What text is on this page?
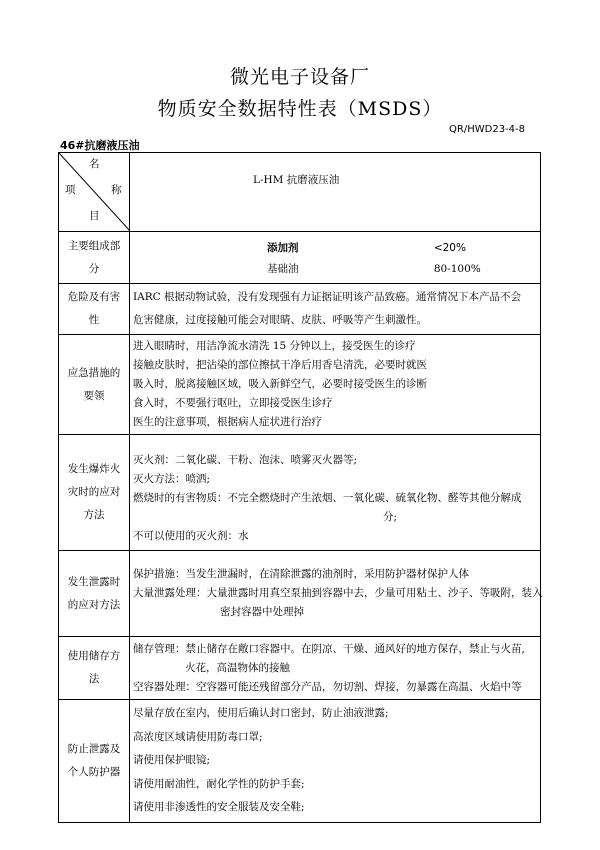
微光电子设备厂
物质安全数据特性表（MSDS）
QR/HWD23-4-8
46#抗磨液压油
名
项	称
目

L-HM 抗磨液压油

主要组成部分	
添加剂	<20%
基础油	80-100%

危险及有害性	
IARC 根据动物试验，没有发现强有力证据证明该产品致癌。通常情况下本产品不会
危害健康，过度接触可能会对眼睛、皮肤、呼吸等产生刺激性。

应急措施的要领	
进入眼睛时，用洁净流水清洗 15 分钟以上，接受医生的诊疗
接触皮肤时，把沾染的部位擦拭干净后用香皂清洗，必要时就医
吸入时，脱离接触区域，吸入新鲜空气，必要时接受医生的诊断
食入时，不要强行呕吐，立即接受医生诊疗
医生的注意事项，根据病人症状进行治疗

发生爆炸火灾时的应对方法	
灭火剂：二氧化碳、干粉、泡沫、喷雾灭火器等;
灭火方法：喷洒;
燃烧时的有害物质：不完全燃烧时产生浓烟、一氧化碳、硫氧化物、醛等其他分解成
分;
不可以使用的灭火剂：水

发生泄露时的应对方法	
保护措施：当发生泄漏时，在清除泄露的油剂时，采用防护器材保护人体
大量泄露处理：大量泄露时用真空泵抽到容器中去，少量可用粘土、沙子、等吸附，装入
密封容器中处理掉

使用储存方法	
储存管理：禁止储存在敞口容器中。在阴凉、干燥、通风好的地方保存，禁止与火苗,
火花，高温物体的接触
空容器处理：空容器可能还残留部分产品，勿切割、焊接，勿暴露在高温、火焰中等

防止泄露及个人防护器	
尽量存放在室内，使用后确认封口密封，防止油液泄露;
高浓度区域请使用防毒口罩;
请使用保护眼镜;
请使用耐油性，耐化学性的防护手套;
请使用非渗透性的安全服装及安全鞋;
